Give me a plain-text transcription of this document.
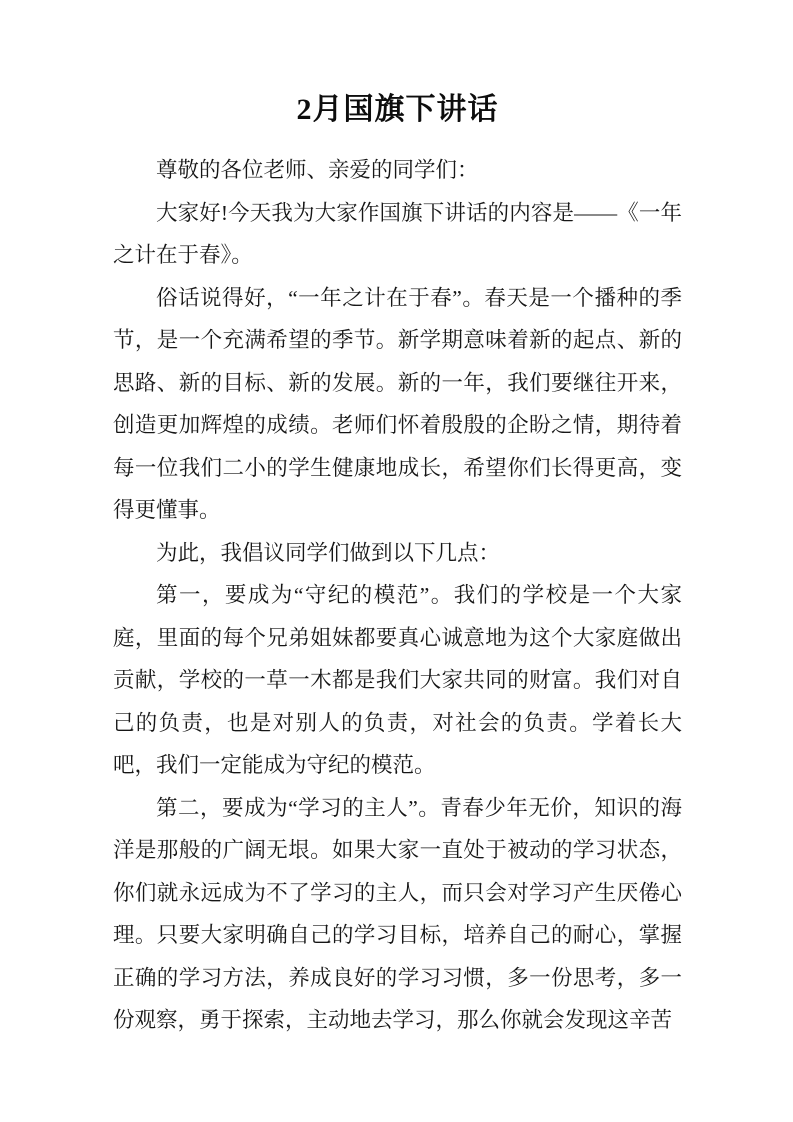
2月国旗下讲话

尊敬的各位老师、亲爱的同学们：

大家好!今天我为大家作国旗下讲话的内容是——《一年之计在于春》。

俗话说得好，“一年之计在于春”。春天是一个播种的季节，是一个充满希望的季节。新学期意味着新的起点、新的思路、新的目标、新的发展。新的一年，我们要继往开来，创造更加辉煌的成绩。老师们怀着殷殷的企盼之情，期待着每一位我们二小的学生健康地成长，希望你们长得更高，变得更懂事。

为此，我倡议同学们做到以下几点：

第一，要成为“守纪的模范”。我们的学校是一个大家庭，里面的每个兄弟姐妹都要真心诚意地为这个大家庭做出贡献，学校的一草一木都是我们大家共同的财富。我们对自己的负责，也是对别人的负责，对社会的负责。学着长大吧，我们一定能成为守纪的模范。

第二，要成为“学习的主人”。青春少年无价，知识的海洋是那般的广阔无垠。如果大家一直处于被动的学习状态，你们就永远成为不了学习的主人，而只会对学习产生厌倦心理。只要大家明确自己的学习目标，培养自己的耐心，掌握正确的学习方法，养成良好的学习习惯，多一份思考，多一份观察，勇于探索，主动地去学习，那么你就会发现这辛苦
